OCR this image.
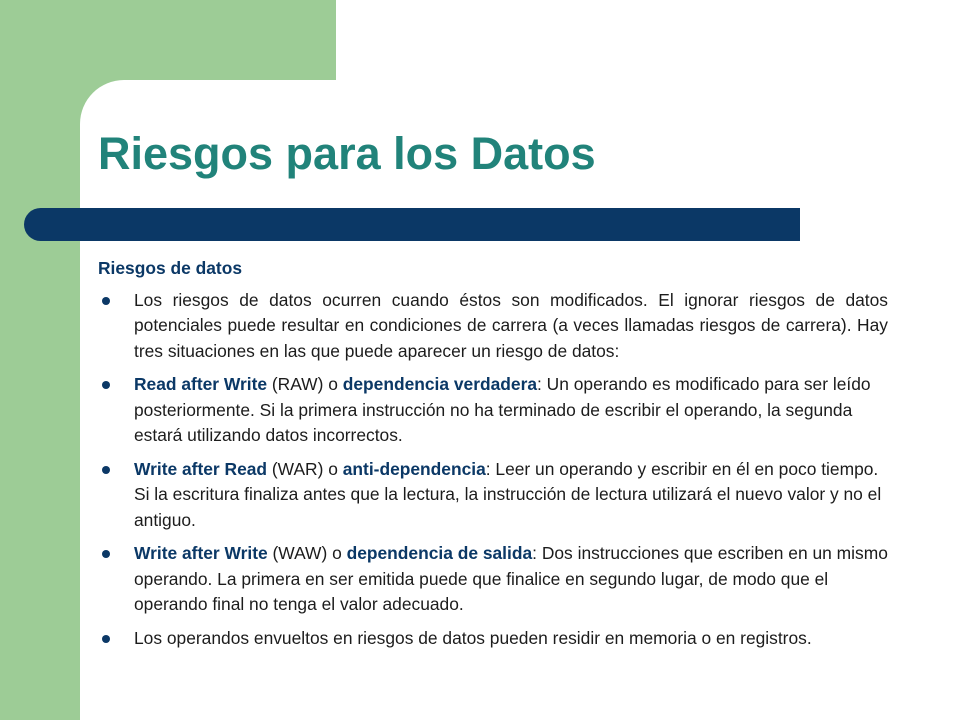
Riesgos para los Datos
Riesgos de datos
Los riesgos de datos ocurren cuando éstos son modificados. El ignorar riesgos de datos potenciales puede resultar en condiciones de carrera (a veces llamadas riesgos de carrera). Hay tres situaciones en las que puede aparecer un riesgo de datos:
Read after Write (RAW) o dependencia verdadera: Un operando es modificado para ser leído posteriormente. Si la primera instrucción no ha terminado de escribir el operando, la segunda estará utilizando datos incorrectos.
Write after Read (WAR) o anti-dependencia: Leer un operando y escribir en él en poco tiempo. Si la escritura finaliza antes que la lectura, la instrucción de lectura utilizará el nuevo valor y no el antiguo.
Write after Write (WAW) o dependencia de salida: Dos instrucciones que escriben en un mismo operando. La primera en ser emitida puede que finalice en segundo lugar, de modo que el operando final no tenga el valor adecuado.
Los operandos envueltos en riesgos de datos pueden residir en memoria o en registros.
